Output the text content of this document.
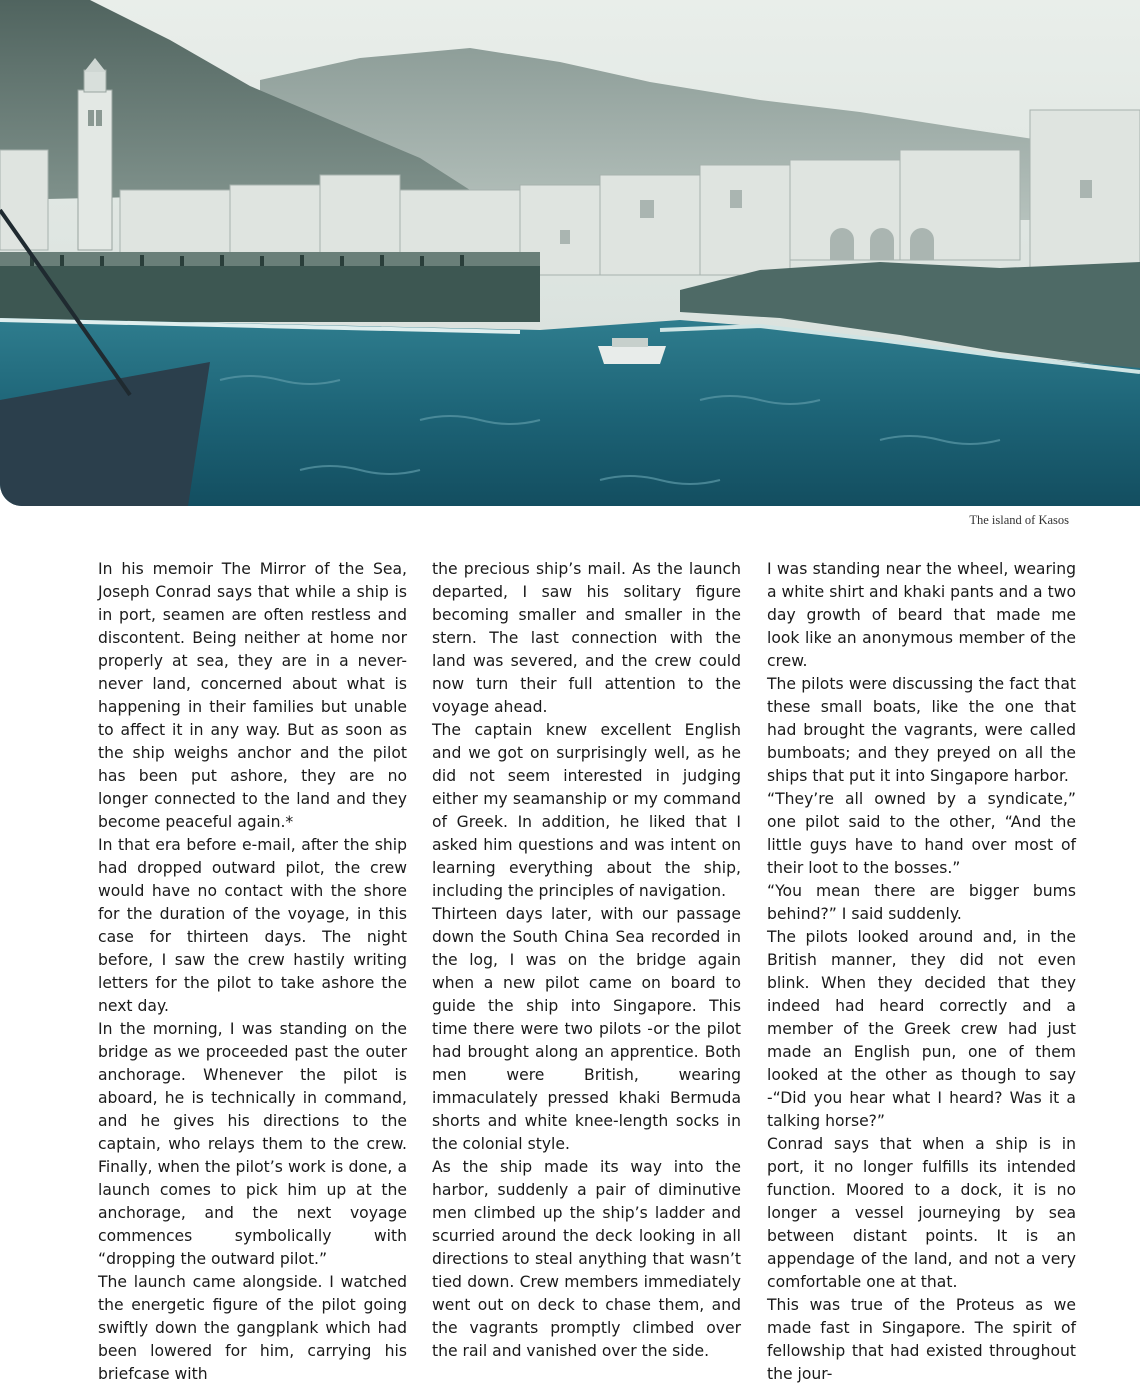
The island of Kasos

In his memoir The Mirror of the Sea, Joseph Conrad says that while a ship is in port, seamen are often restless and discontent. Being neither at home nor properly at sea, they are in a never-never land, concerned about what is happening in their families but unable to affect it in any way. But as soon as the ship weighs anchor and the pilot has been put ashore, they are no longer connected to the land and they become peaceful again.*

In that era before e-mail, after the ship had dropped outward pilot, the crew would have no contact with the shore for the duration of the voyage, in this case for thirteen days. The night before, I saw the crew hastily writing letters for the pilot to take ashore the next day.

In the morning, I was standing on the bridge as we proceeded past the outer anchorage. Whenever the pilot is aboard, he is technically in command, and he gives his directions to the captain, who relays them to the crew. Finally, when the pilot’s work is done, a launch comes to pick him up at the anchorage, and the next voyage commences symbolically with “dropping the outward pilot.”

The launch came alongside. I watched the energetic figure of the pilot going swiftly down the gangplank which had been lowered for him, carrying his briefcase with

the precious ship’s mail. As the launch departed, I saw his solitary figure becoming smaller and smaller in the stern. The last connection with the land was severed, and the crew could now turn their full attention to the voyage ahead.

The captain knew excellent English and we got on surprisingly well, as he did not seem interested in judging either my seamanship or my command of Greek. In addition, he liked that I asked him questions and was intent on learning everything about the ship, including the principles of navigation.

Thirteen days later, with our passage down the South China Sea recorded in the log, I was on the bridge again when a new pilot came on board to guide the ship into Singapore. This time there were two pilots -or the pilot had brought along an apprentice. Both men were British, wearing immaculately pressed khaki Bermuda shorts and white knee-length socks in the colonial style.

As the ship made its way into the harbor, suddenly a pair of diminutive men climbed up the ship’s ladder and scurried around the deck looking in all directions to steal anything that wasn’t tied down. Crew members immediately went out on deck to chase them, and the vagrants promptly climbed over the rail and vanished over the side.

I was standing near the wheel, wearing a white shirt and khaki pants and a two day growth of beard that made me look like an anonymous member of the crew.

The pilots were discussing the fact that these small boats, like the one that had brought the vagrants, were called bumboats; and they preyed on all the ships that put it into Singapore harbor.

“They’re all owned by a syndicate,” one pilot said to the other, “And the little guys have to hand over most of their loot to the bosses.”

“You mean there are bigger bums behind?” I said suddenly.

The pilots looked around and, in the British manner, they did not even blink. When they decided that they indeed had heard correctly and a member of the Greek crew had just made an English pun, one of them looked at the other as though to say -“Did you hear what I heard? Was it a talking horse?”

Conrad says that when a ship is in port, it no longer fulfills its intended function. Moored to a dock, it is no longer a vessel journeying by sea between distant points. It is an appendage of the land, and not a very comfortable one at that.

This was true of the Proteus as we made fast in Singapore. The spirit of fellowship that had existed throughout the jour-
